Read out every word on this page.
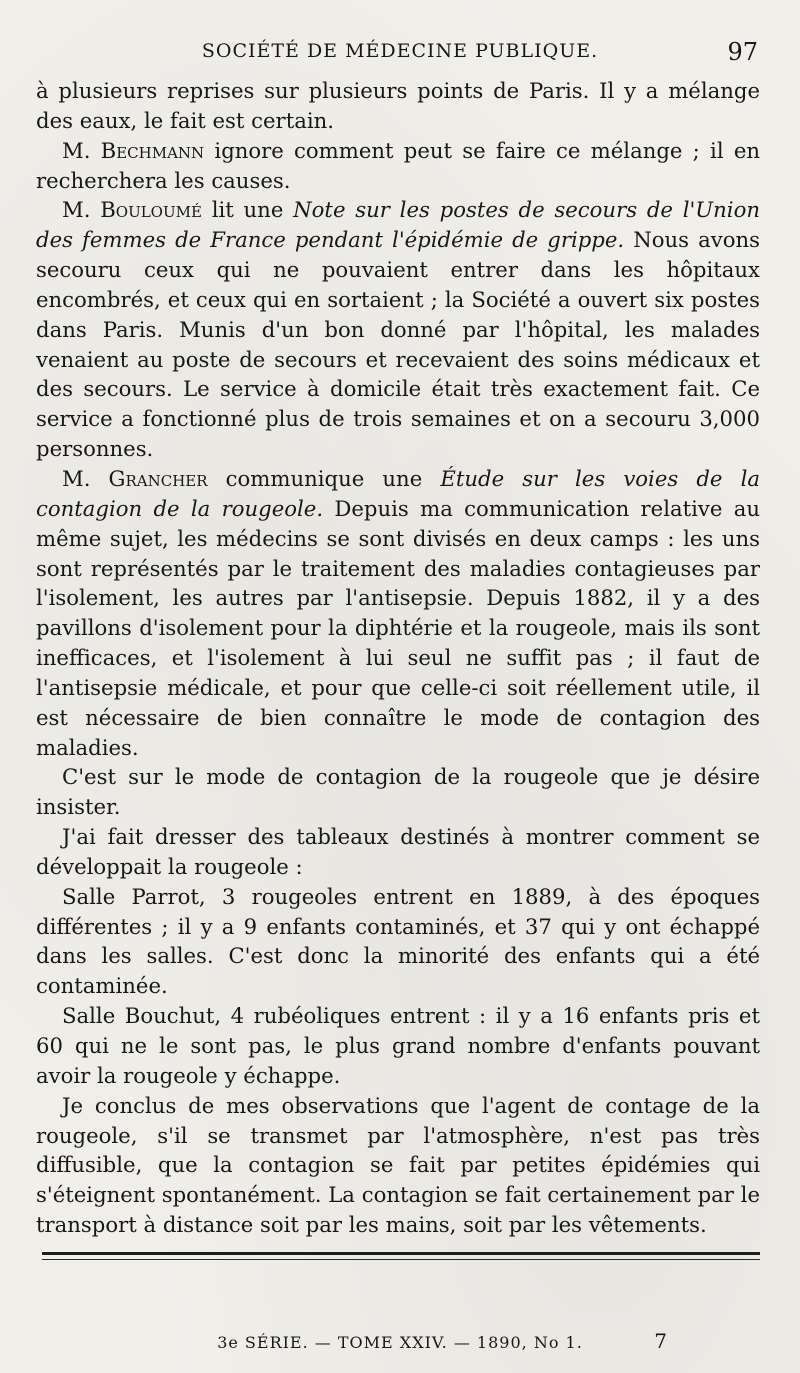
SOCIÉTÉ DE MÉDECINE PUBLIQUE.	97

à plusieurs reprises sur plusieurs points de Paris. Il y a mélange des eaux, le fait est certain.

M. Bechmann ignore comment peut se faire ce mélange ; il en recherchera les causes.

M. Bouloumé lit une Note sur les postes de secours de l'Union des femmes de France pendant l'épidémie de grippe. Nous avons secouru ceux qui ne pouvaient entrer dans les hôpitaux encombrés, et ceux qui en sortaient ; la Société a ouvert six postes dans Paris. Munis d'un bon donné par l'hôpital, les malades venaient au poste de secours et recevaient des soins médicaux et des secours. Le service à domicile était très exactement fait. Ce service a fonctionné plus de trois semaines et on a secouru 3,000 personnes.

M. Grancher communique une Étude sur les voies de la contagion de la rougeole. Depuis ma communication relative au même sujet, les médecins se sont divisés en deux camps : les uns sont représentés par le traitement des maladies contagieuses par l'isolement, les autres par l'antisepsie. Depuis 1882, il y a des pavillons d'isolement pour la diphtérie et la rougeole, mais ils sont inefficaces, et l'isolement à lui seul ne suffit pas ; il faut de l'antisepsie médicale, et pour que celle-ci soit réellement utile, il est nécessaire de bien connaître le mode de contagion des maladies.

C'est sur le mode de contagion de la rougeole que je désire insister.

J'ai fait dresser des tableaux destinés à montrer comment se développait la rougeole :

Salle Parrot, 3 rougeoles entrent en 1889, à des époques différentes ; il y a 9 enfants contaminés, et 37 qui y ont échappé dans les salles. C'est donc la minorité des enfants qui a été contaminée.

Salle Bouchut, 4 rubéoliques entrent : il y a 16 enfants pris et 60 qui ne le sont pas, le plus grand nombre d'enfants pouvant avoir la rougeole y échappe.

Je conclus de mes observations que l'agent de contage de la rougeole, s'il se transmet par l'atmosphère, n'est pas très diffusible, que la contagion se fait par petites épidémies qui s'éteignent spontanément. La contagion se fait certainement par le transport à distance soit par les mains, soit par les vêtements.

3e SÉRIE. — TOME XXIV. — 1890, No 1.	7
